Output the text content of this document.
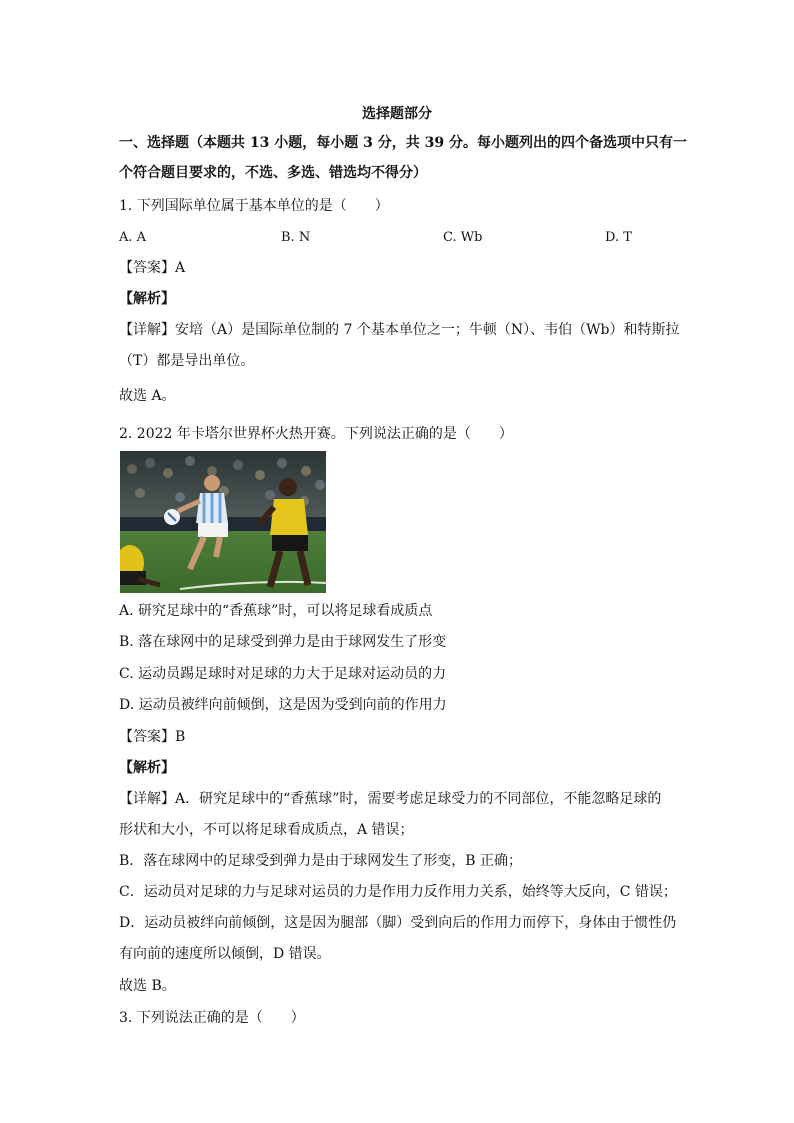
选择题部分
一、选择题（本题共 13 小题，每小题 3 分，共 39 分。每小题列出的四个备选项中只有一
个符合题目要求的，不选、多选、错选均不得分）
1. 下列国际单位属于基本单位的是（　　）
A. A	B. N	C. Wb	D. T
【答案】A
【解析】
【详解】安培（A）是国际单位制的 7 个基本单位之一；牛顿（N）、韦伯（Wb）和特斯拉
（T）都是导出单位。
故选 A。
2. 2022 年卡塔尔世界杯火热开赛。下列说法正确的是（　　）
A. 研究足球中的“香蕉球”时，可以将足球看成质点
B. 落在球网中的足球受到弹力是由于球网发生了形变
C. 运动员踢足球时对足球的力大于足球对运动员的力
D. 运动员被绊向前倾倒，这是因为受到向前的作用力
【答案】B
【解析】
【详解】A．研究足球中的“香蕉球”时，需要考虑足球受力的不同部位，不能忽略足球的
形状和大小，不可以将足球看成质点，A 错误；
B．落在球网中的足球受到弹力是由于球网发生了形变，B 正确；
C．运动员对足球的力与足球对运员的力是作用力反作用力关系，始终等大反向，C 错误；
D．运动员被绊向前倾倒，这是因为腿部（脚）受到向后的作用力而停下，身体由于惯性仍
有向前的速度所以倾倒，D 错误。
故选 B。
3. 下列说法正确的是（　　）
